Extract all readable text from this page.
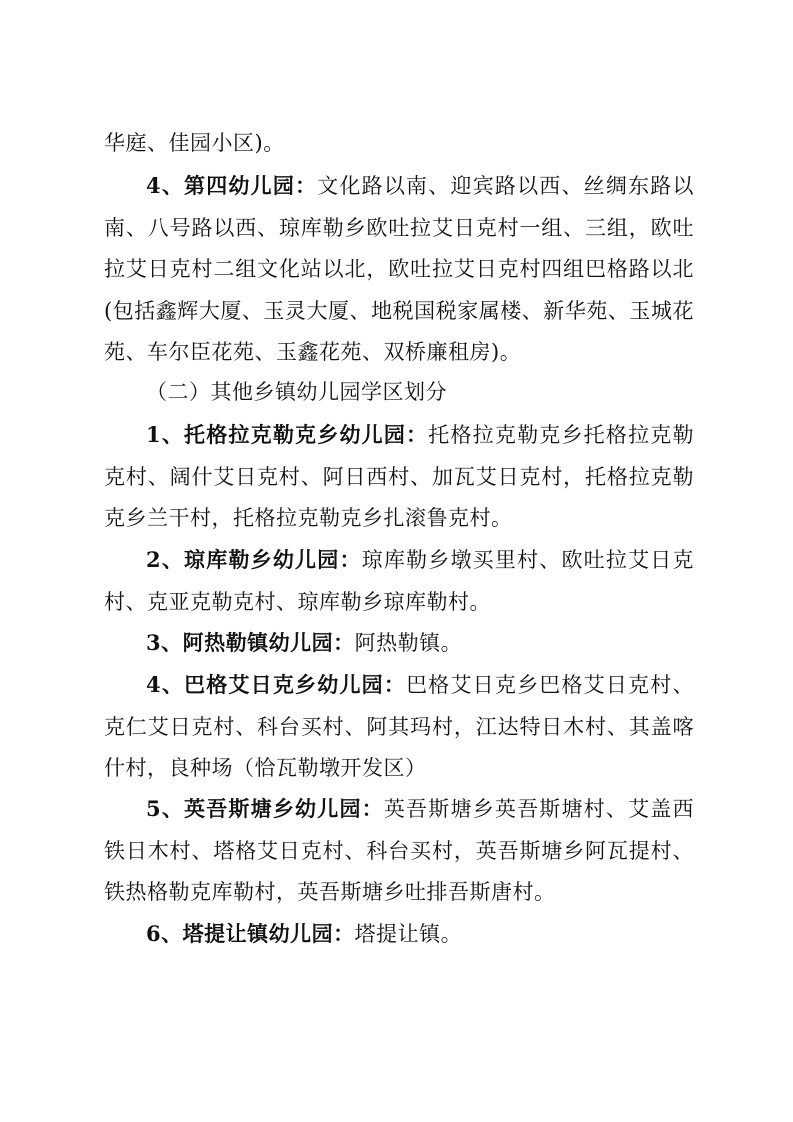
华庭、佳园小区)。

4、第四幼儿园：文化路以南、迎宾路以西、丝绸东路以南、八号路以西、琼库勒乡欧吐拉艾日克村一组、三组，欧吐拉艾日克村二组文化站以北，欧吐拉艾日克村四组巴格路以北(包括鑫辉大厦、玉灵大厦、地税国税家属楼、新华苑、玉城花苑、车尔臣花苑、玉鑫花苑、双桥廉租房)。

（二）其他乡镇幼儿园学区划分

1、托格拉克勒克乡幼儿园：托格拉克勒克乡托格拉克勒克村、阔什艾日克村、阿日西村、加瓦艾日克村，托格拉克勒克乡兰干村，托格拉克勒克乡扎滚鲁克村。

2、琼库勒乡幼儿园：琼库勒乡墩买里村、欧吐拉艾日克村、克亚克勒克村、琼库勒乡琼库勒村。

3、阿热勒镇幼儿园：阿热勒镇。

4、巴格艾日克乡幼儿园：巴格艾日克乡巴格艾日克村、克仁艾日克村、科台买村、阿其玛村，江达特日木村、其盖喀什村，良种场（恰瓦勒墩开发区）

5、英吾斯塘乡幼儿园：英吾斯塘乡英吾斯塘村、艾盖西铁日木村、塔格艾日克村、科台买村，英吾斯塘乡阿瓦提村、铁热格勒克库勒村，英吾斯塘乡吐排吾斯唐村。

6、塔提让镇幼儿园：塔提让镇。
